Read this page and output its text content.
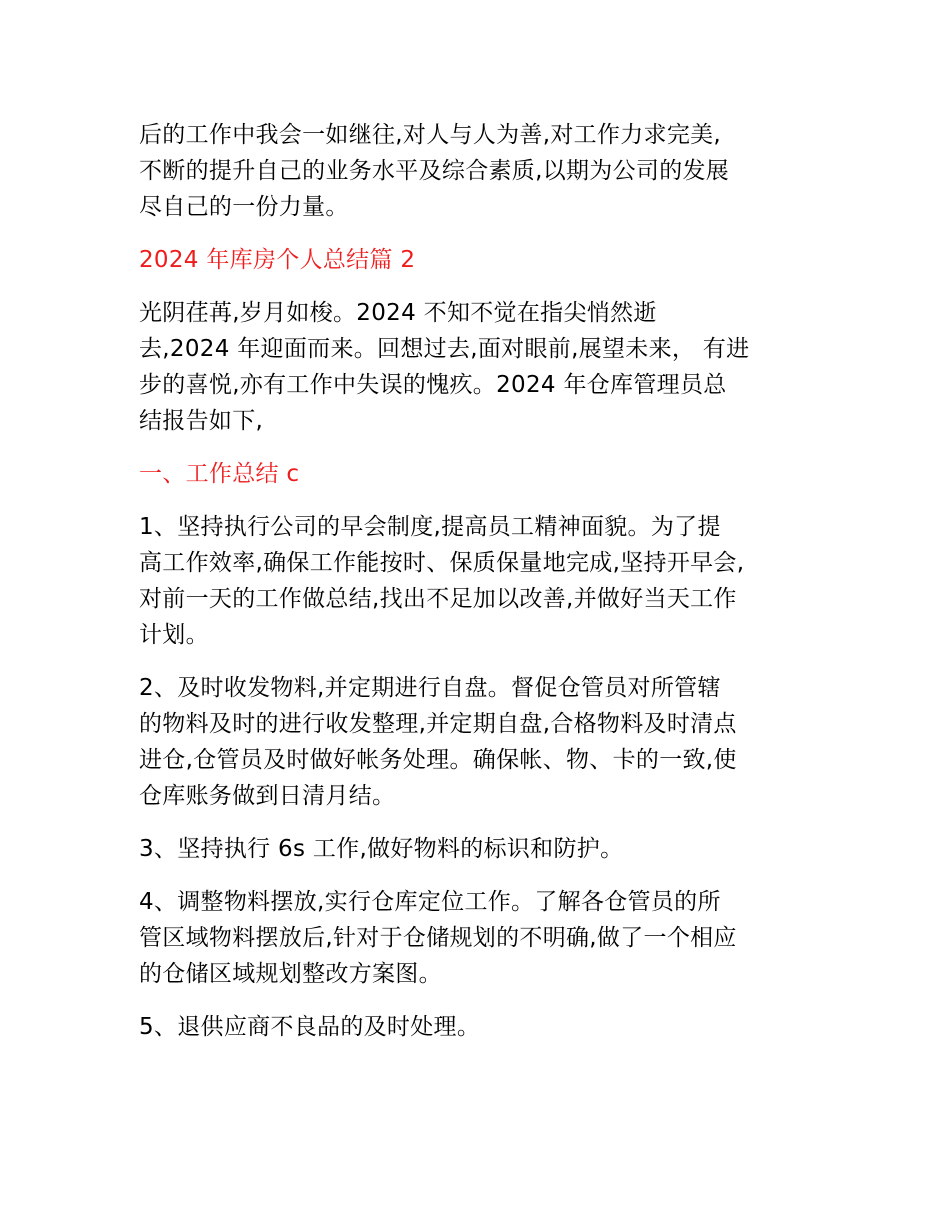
后的工作中我会一如继往,对人与人为善,对工作力求完美,
不断的提升自己的业务水平及综合素质,以期为公司的发展
尽自己的一份力量。
2024 年库房个人总结篇 2
光阴荏苒,岁月如梭。2024 不知不觉在指尖悄然逝
去,2024 年迎面而来。回想过去,面对眼前,展望未来， 有进
步的喜悦,亦有工作中失误的愧疚。2024 年仓库管理员总
结报告如下,
一、工作总结 c
1、坚持执行公司的早会制度,提高员工精神面貌。为了提
高工作效率,确保工作能按时、保质保量地完成,坚持开早会,
对前一天的工作做总结,找出不足加以改善,并做好当天工作
计划。
2、及时收发物料,并定期进行自盘。督促仓管员对所管辖
的物料及时的进行收发整理,并定期自盘,合格物料及时清点
进仓,仓管员及时做好帐务处理。确保帐、物、卡的一致,使
仓库账务做到日清月结。
3、坚持执行 6s 工作,做好物料的标识和防护。
4、调整物料摆放,实行仓库定位工作。了解各仓管员的所
管区域物料摆放后,针对于仓储规划的不明确,做了一个相应
的仓储区域规划整改方案图。
5、退供应商不良品的及时处理。
